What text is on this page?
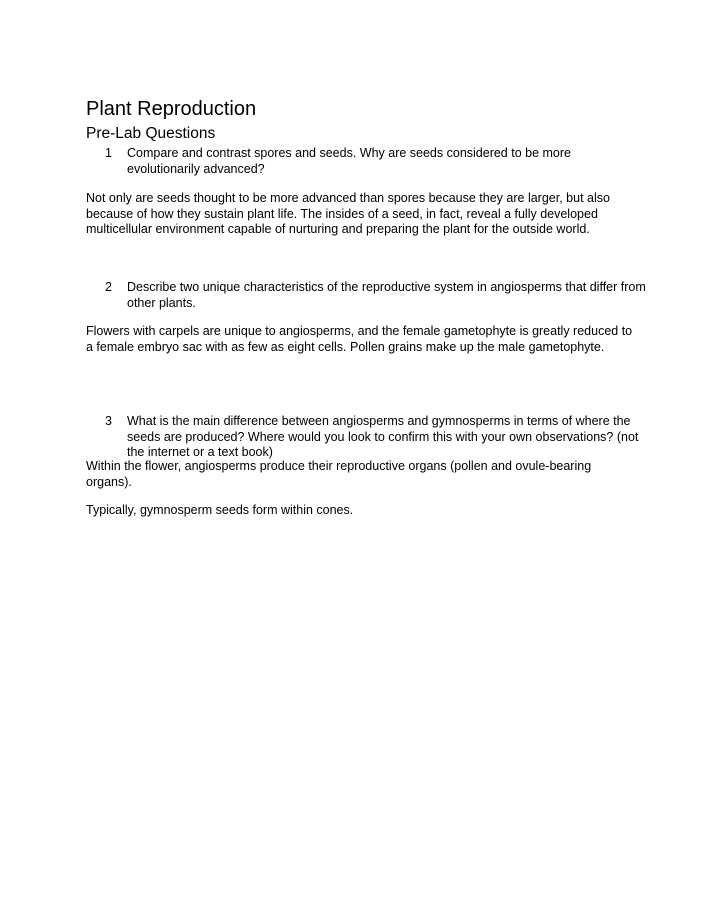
Plant Reproduction
Pre-Lab Questions
1	Compare and contrast spores and seeds. Why are seeds considered to be more evolutionarily advanced?
Not only are seeds thought to be more advanced than spores because they are larger, but also because of how they sustain plant life. The insides of a seed, in fact, reveal a fully developed multicellular environment capable of nurturing and preparing the plant for the outside world.
2	Describe two unique characteristics of the reproductive system in angiosperms that differ from other plants.
Flowers with carpels are unique to angiosperms, and the female gametophyte is greatly reduced to a female embryo sac with as few as eight cells. Pollen grains make up the male gametophyte.
3	What is the main difference between angiosperms and gymnosperms in terms of where the seeds are produced? Where would you look to confirm this with your own observations? (not the internet or a text book)
Within the flower, angiosperms produce their reproductive organs (pollen and ovule-bearing organs).
Typically, gymnosperm seeds form within cones.
